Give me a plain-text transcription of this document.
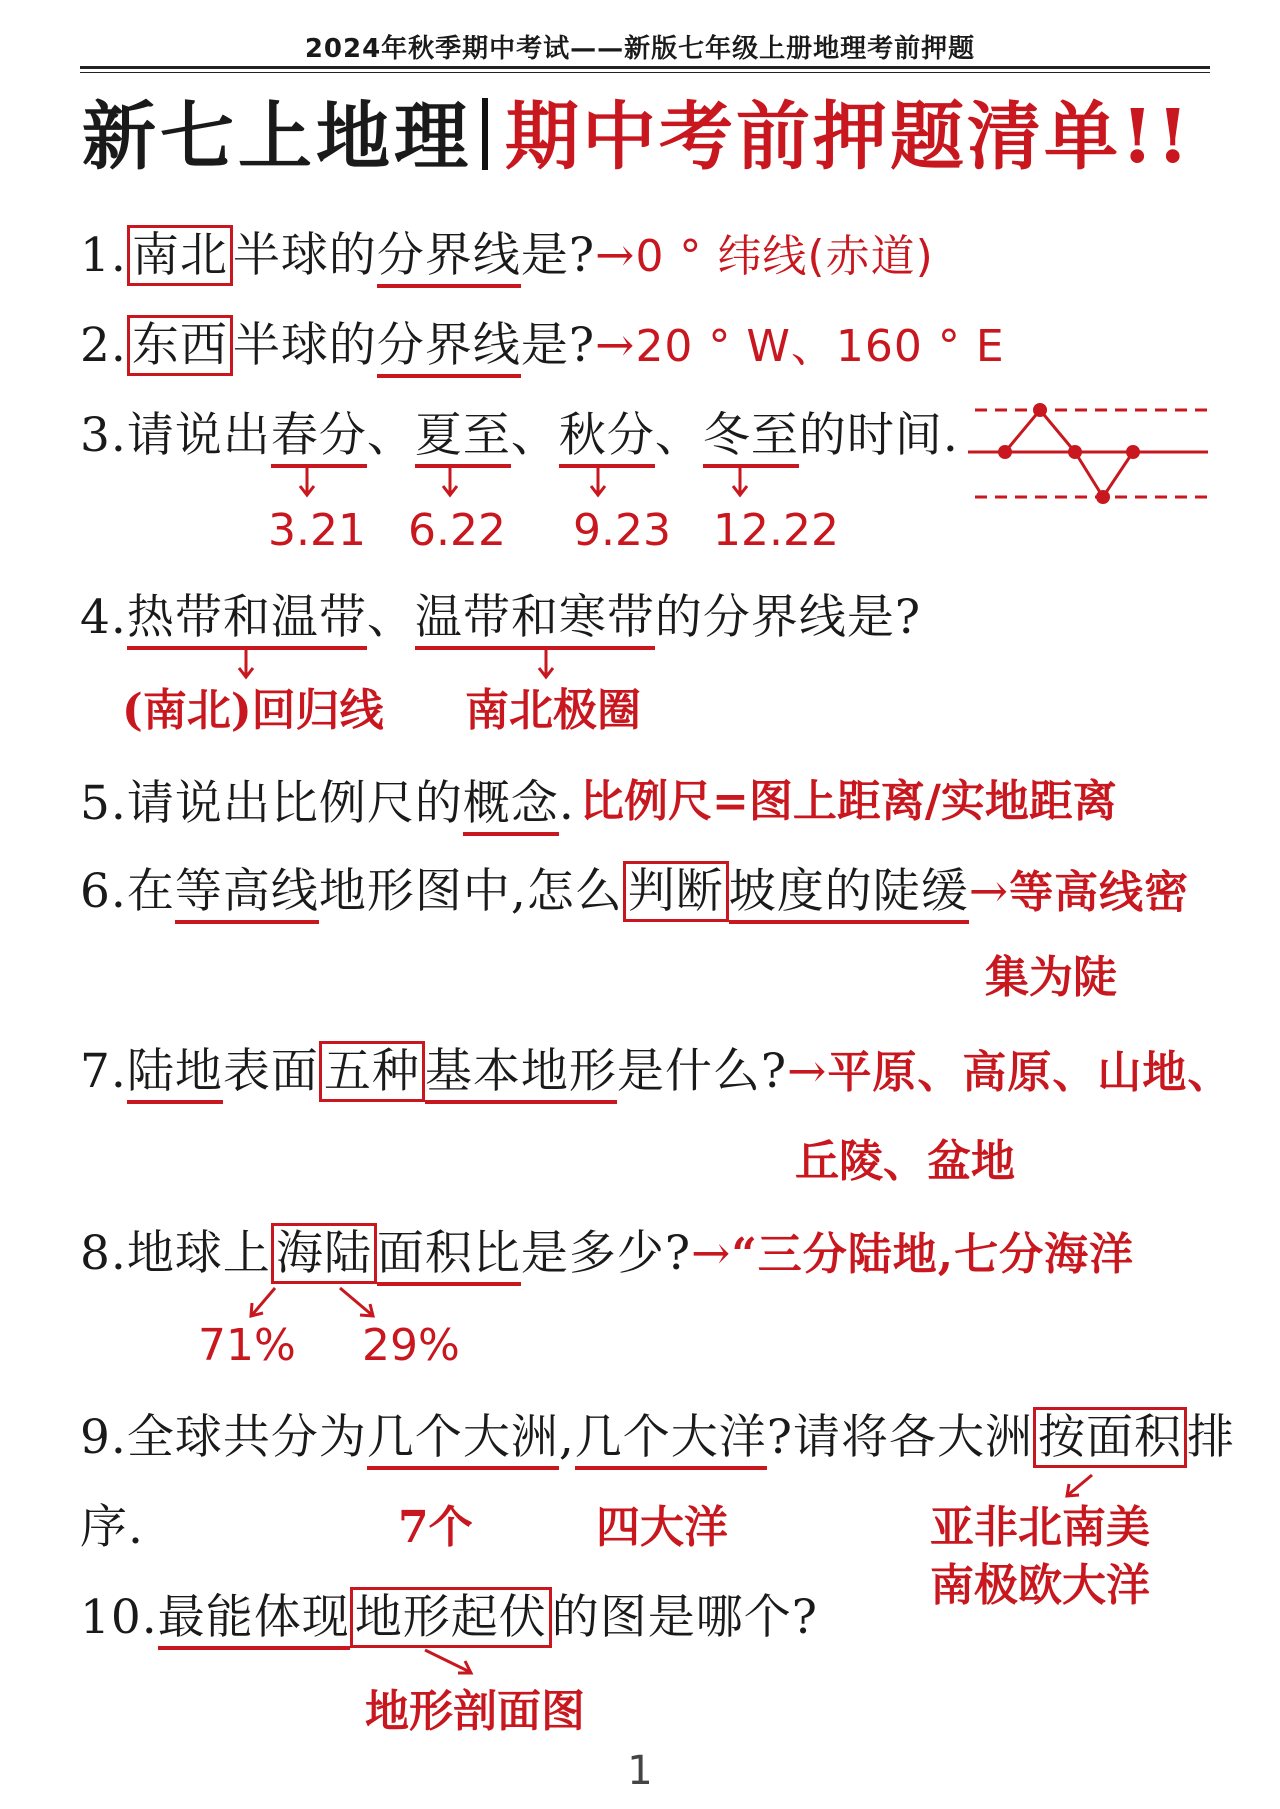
2024年秋季期中考试——新版七年级上册地理考前押题
新七上地理 期中考前押题清单!!
1. 南北 半球的分界线是?→0 ° 纬线(赤道)
2. 东西 半球的分界线是?→20 ° W、160 ° E
3.请说出春分、夏至、秋分、冬至的时间.
3.21 6.22 9.23 12.22
4.热带和温带、温带和寒带的分界线是?
(南北)回归线 南北极圈
5.请说出比例尺的概念. 比例尺=图上距离/实地距离
6.在等高线地形图中,怎么 判断 坡度的陡缓→等高线密
集为陡
7.陆地表面 五种 基本地形是什么?→平原、高原、山地、
丘陵、盆地
8.地球上 海陆 面积比是多少?→“三分陆地,七分海洋
71% 29%
9.全球共分为几个大洲,几个大洋?请将各大洲 按面积 排
序.	7个	四大洋	亚非北南美
南极欧大洋
10.最能体现 地形起伏 的图是哪个?
地形剖面图
1
